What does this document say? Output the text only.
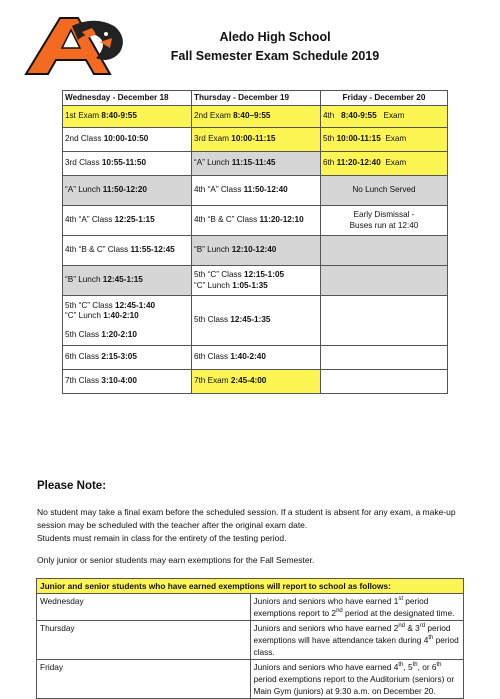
Aledo High School
Fall Semester Exam Schedule 2019
Wednesday - December 18	Thursday - December 19	Friday - December 20

1st Exam 8:40-9:55	2nd Exam 8:40–9:55	4th   8:40-9:55   Exam

2nd Class 10:00-10:50	3rd Exam 10:00-11:15	5th 10:00-11:15  Exam

3rd Class 10:55-11:50	“A” Lunch 11:15-11:45	6th 11:20-12:40  Exam

“A” Lunch 11:50-12:20	4th “A” Class 11:50-12:40	No Lunch Served

4th “A” Class 12:25-1:15	4th “B & C” Class 11:20-12:10	Early Dismissal -
Buses run at 12:40

4th “B & C” Class 11:55-12:45	“B” Lunch 12:10-12:40	

“B” Lunch 12:45-1:15	5th “C” Class 12:15-1:05
“C” Lunch 1:05-1:35	

5th “C” Class 12:45-1:40
“C” Lunch 1:40-2:10
5th Class 1:20-2:10	5th Class 12:45-1:35	

6th Class 2:15-3:05	6th Class 1:40-2:40	

7th Class 3:10-4:00	7th Exam 2:45-4:00	

Please Note:

No student may take a final exam before the scheduled session. If a student is absent for any exam, a make-up session may be scheduled with the teacher after the original exam date.

Students must remain in class for the entirety of the testing period.

Only junior or senior students may earn exemptions for the Fall Semester.

Junior and senior students who have earned exemptions will report to school as follows:	
Wednesday	Juniors and seniors who have earned 1st period exemptions report to 2nd period at the designated time.
Thursday	Juniors and seniors who have earned 2nd & 3rd period exemptions will have attendance taken during 4th period class.
Friday	Juniors and seniors who have earned 4th, 5th, or 6th period exemptions report to the Auditorium (seniors) or Main Gym (juniors) at 9:30 a.m. on December 20.
